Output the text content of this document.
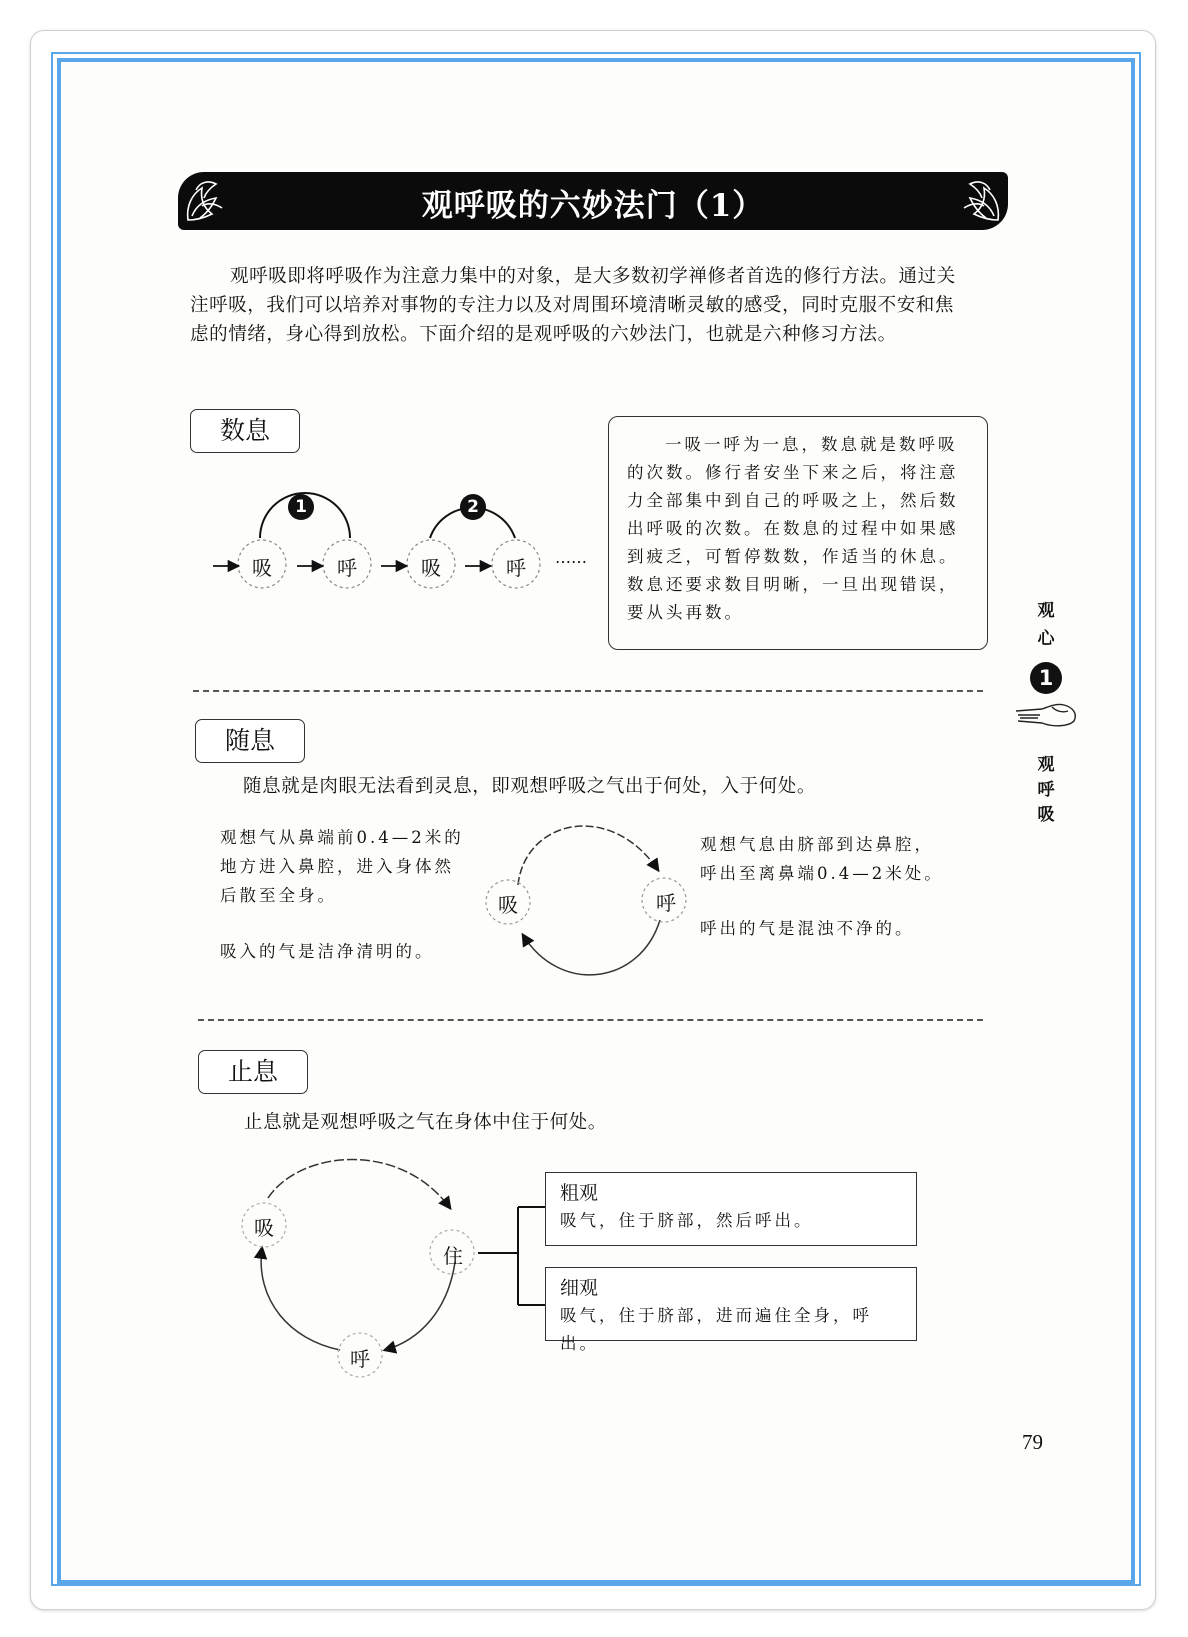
观呼吸的六妙法门（1）
观呼吸即将呼吸作为注意力集中的对象，是大多数初学禅修者首选的修行方法。通过关注呼吸，我们可以培养对事物的专注力以及对周围环境清晰灵敏的感受，同时克服不安和焦虑的情绪，身心得到放松。下面介绍的是观呼吸的六妙法门，也就是六种修习方法。
数息
1	2
吸	呼	吸	呼 ……

一吸一呼为一息，数息就是数呼吸的次数。修行者安坐下来之后，将注意力全部集中到自己的呼吸之上，然后数出呼吸的次数。在数息的过程中如果感到疲乏，可暂停数数，作适当的休息。数息还要求数目明晰，一旦出现错误，要从头再数。

随息
随息就是肉眼无法看到灵息，即观想呼吸之气出于何处，入于何处。
观想气从鼻端前0.4—2米的
地方进入鼻腔，进入身体然
后散至全身。
吸入的气是洁净清明的。
观想气息由脐部到达鼻腔，
呼出至离鼻端0.4—2米处。
呼出的气是混浊不净的。
吸	呼
止息
止息就是观想呼吸之气在身体中住于何处。
吸
住
呼
粗观
吸气，住于脐部，然后呼出。
细观
吸气，住于脐部，进而遍住全身，呼出。
观
心
1
观
呼
吸
79
